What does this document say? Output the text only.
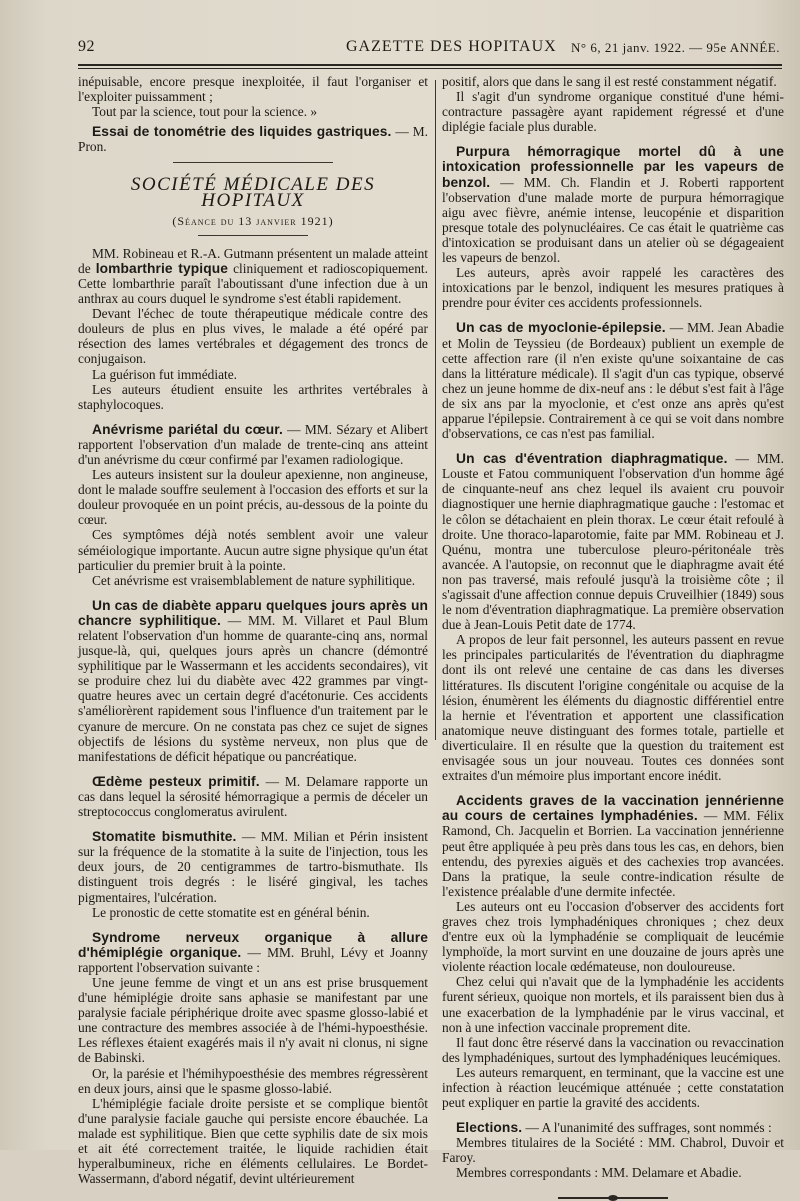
92	GAZETTE DES HOPITAUX N° 6, 21 janv. 1922. — 95e ANNÉE.

inépuisable, encore presque inexploitée, il faut l'organiser et l'exploiter puissamment ;

Tout par la science, tout pour la science. »

Essai de tonométrie des liquides gastriques. — M. Pron.

SOCIÉTÉ MÉDICALE DES HOPITAUX

(Séance du 13 janvier 1921)

MM. Robineau et R.-A. Gutmann présentent un malade atteint de lombarthrie typique cliniquement et radioscopiquement. Cette lombarthrie paraît l'aboutissant d'une infection due à un anthrax au cours duquel le syndrome s'est établi rapidement.

Devant l'échec de toute thérapeutique médicale contre des douleurs de plus en plus vives, le malade a été opéré par résection des lames vertébrales et dégagement des troncs de conjugaison.

La guérison fut immédiate.

Les auteurs étudient ensuite les arthrites vertébrales à staphylocoques.

Anévrisme pariétal du cœur. — MM. Sézary et Alibert rapportent l'observation d'un malade de trente-cinq ans atteint d'un anévrisme du cœur confirmé par l'examen radiologique.

Les auteurs insistent sur la douleur apexienne, non angineuse, dont le malade souffre seulement à l'occasion des efforts et sur la douleur provoquée en un point précis, au-dessous de la pointe du cœur.

Ces symptômes déjà notés semblent avoir une valeur séméiologique importante. Aucun autre signe physique qu'un état particulier du premier bruit à la pointe.

Cet anévrisme est vraisemblablement de nature syphilitique.

Un cas de diabète apparu quelques jours après un chancre syphilitique. — MM. M. Villaret et Paul Blum relatent l'observation d'un homme de quarante-cinq ans, normal jusque-là, qui, quelques jours après un chancre (démontré syphilitique par le Wassermann et les accidents secondaires), vit se produire chez lui du diabète avec 422 grammes par vingt-quatre heures avec un certain degré d'acétonurie. Ces accidents s'améliorèrent rapidement sous l'influence d'un traitement par le cyanure de mercure. On ne constata pas chez ce sujet de signes objectifs de lésions du système nerveux, non plus que de manifestations de déficit hépatique ou pancréatique.

Œdème pesteux primitif. — M. Delamare rapporte un cas dans lequel la sérosité hémorragique a permis de déceler un streptococcus conglomeratus avirulent.

Stomatite bismuthite. — MM. Milian et Périn insistent sur la fréquence de la stomatite à la suite de l'injection, tous les deux jours, de 20 centigrammes de tartro-bismuthate. Ils distinguent trois degrés : le liséré gingival, les taches pigmentaires, l'ulcération.

Le pronostic de cette stomatite est en général bénin.

Syndrome nerveux organique à allure d'hémiplégie organique. — MM. Bruhl, Lévy et Joanny rapportent l'observation suivante :

Une jeune femme de vingt et un ans est prise brusquement d'une hémiplégie droite sans aphasie se manifestant par une paralysie faciale périphérique droite avec spasme glosso-labié et une contracture des membres associée à de l'hémi-hypoesthésie. Les réflexes étaient exagérés mais il n'y avait ni clonus, ni signe de Babinski.

Or, la parésie et l'hémihypoesthésie des membres régressèrent en deux jours, ainsi que le spasme glosso-labié.

L'hémiplégie faciale droite persiste et se complique bientôt d'une paralysie faciale gauche qui persiste encore ébauchée. La malade est syphilitique. Bien que cette syphilis date de six mois et ait été correctement traitée, le liquide rachidien était hyperalbumineux, riche en éléments cellulaires. Le Bordet-Wassermann, d'abord négatif, devint ultérieurement

positif, alors que dans le sang il est resté constamment négatif.

Il s'agit d'un syndrome organique constitué d'une hémi-contracture passagère ayant rapidement régressé et d'une diplégie faciale plus durable.

Purpura hémorragique mortel dû à une intoxication professionnelle par les vapeurs de benzol. — MM. Ch. Flandin et J. Roberti rapportent l'observation d'une malade morte de purpura hémorragique aigu avec fièvre, anémie intense, leucopénie et disparition presque totale des polynucléaires. Ce cas était le quatrième cas d'intoxication se produisant dans un atelier où se dégageaient les vapeurs de benzol.

Les auteurs, après avoir rappelé les caractères des intoxications par le benzol, indiquent les mesures pratiques à prendre pour éviter ces accidents professionnels.

Un cas de myoclonie-épilepsie. — MM. Jean Abadie et Molin de Teyssieu (de Bordeaux) publient un exemple de cette affection rare (il n'en existe qu'une soixantaine de cas dans la littérature médicale). Il s'agit d'un cas typique, observé chez un jeune homme de dix-neuf ans : le début s'est fait à l'âge de six ans par la myoclonie, et c'est onze ans après qu'est apparue l'épilepsie. Contrairement à ce qui se voit dans nombre d'observations, ce cas n'est pas familial.

Un cas d'éventration diaphragmatique. — MM. Louste et Fatou communiquent l'observation d'un homme âgé de cinquante-neuf ans chez lequel ils avaient cru pouvoir diagnostiquer une hernie diaphragmatique gauche : l'estomac et le côlon se détachaient en plein thorax. Le cœur était refoulé à droite. Une thoraco-laparotomie, faite par MM. Robineau et J. Quénu, montra une tuberculose pleuro-péritonéale très avancée. A l'autopsie, on reconnut que le diaphragme avait été non pas traversé, mais refoulé jusqu'à la troisième côte ; il s'agissait d'une affection connue depuis Cruveilhier (1849) sous le nom d'éventration diaphragmatique. La première observation due à Jean-Louis Petit date de 1774.

A propos de leur fait personnel, les auteurs passent en revue les principales particularités de l'éventration du diaphragme dont ils ont relevé une centaine de cas dans les diverses littératures. Ils discutent l'origine congénitale ou acquise de la lésion, énumèrent les éléments du diagnostic différentiel entre la hernie et l'éventration et apportent une classification anatomique neuve distinguant des formes totale, partielle et diverticulaire. Il en résulte que la question du traitement est envisagée sous un jour nouveau. Toutes ces données sont extraites d'un mémoire plus important encore inédit.

Accidents graves de la vaccination jennérienne au cours de certaines lymphadénies. — MM. Félix Ramond, Ch. Jacquelin et Borrien. La vaccination jennérienne peut être appliquée à peu près dans tous les cas, en dehors, bien entendu, des pyrexies aiguës et des cachexies trop avancées. Dans la pratique, la seule contre-indication résulte de l'existence préalable d'une dermite infectée.

Les auteurs ont eu l'occasion d'observer des accidents fort graves chez trois lymphadéniques chroniques ; chez deux d'entre eux où la lymphadénie se compliquait de leucémie lymphoïde, la mort survint en une douzaine de jours après une violente réaction locale œdémateuse, non douloureuse.

Chez celui qui n'avait que de la lymphadénie les accidents furent sérieux, quoique non mortels, et ils paraissent bien dus à une exacerbation de la lymphadénie par le virus vaccinal, et non à une infection vaccinale proprement dite.

Il faut donc être réservé dans la vaccination ou revaccination des lymphadéniques, surtout des lymphadéniques leucémiques.

Les auteurs remarquent, en terminant, que la vaccine est une infection à réaction leucémique atténuée ; cette constatation peut expliquer en partie la gravité des accidents.

Elections. — A l'unanimité des suffrages, sont nommés :

Membres titulaires de la Société : MM. Chabrol, Duvoir et Faroy.

Membres correspondants : MM. Delamare et Abadie.
